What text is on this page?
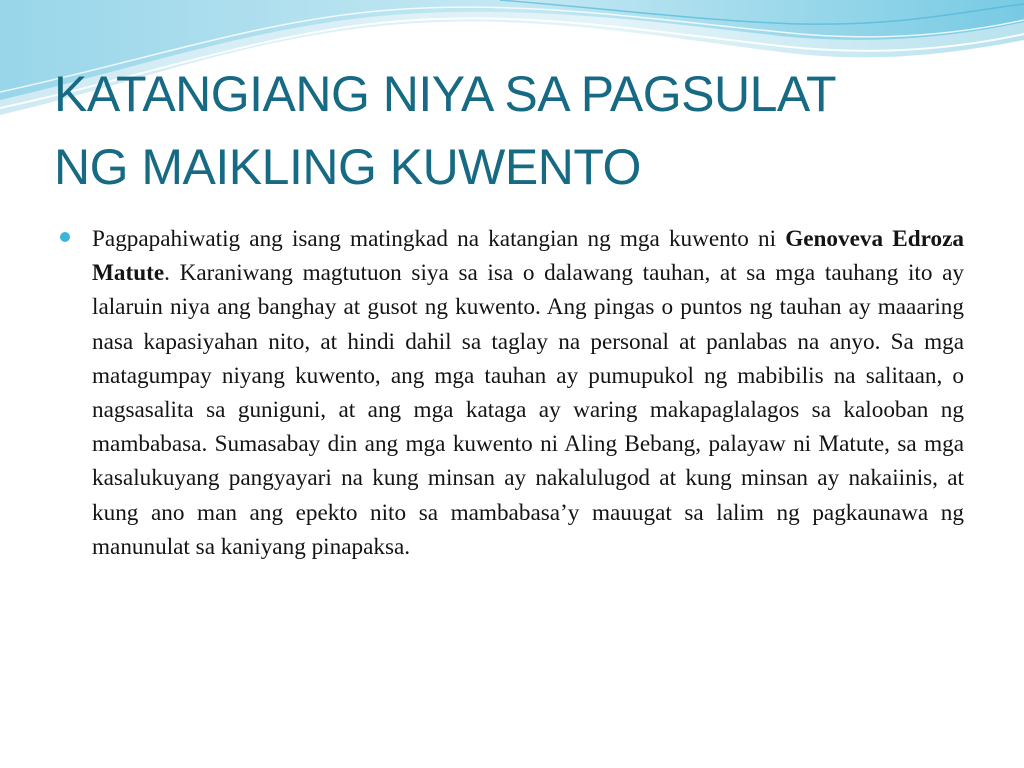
KATANGIANG NIYA SA PAGSULAT
NG MAIKLING KUWENTO

Pagpapahiwatig ang isang matingkad na katangian ng mga kuwento ni Genoveva Edroza Matute. Karaniwang magtutuon siya sa isa o dalawang tauhan, at sa mga tauhang ito ay lalaruin niya ang banghay at gusot ng kuwento. Ang pingas o puntos ng tauhan ay maaaring nasa kapasiyahan nito, at hindi dahil sa taglay na personal at panlabas na anyo. Sa mga matagumpay niyang kuwento, ang mga tauhan ay pumupukol ng mabibilis na salitaan, o nagsasalita sa guniguni, at ang mga kataga ay waring makapaglalagos sa kalooban ng mambabasa. Sumasabay din ang mga kuwento ni Aling Bebang, palayaw ni Matute, sa mga kasalukuyang pangyayari na kung minsan ay nakalulugod at kung minsan ay nakaiinis, at kung ano man ang epekto nito sa mambabasa’y mauugat sa lalim ng pagkaunawa ng manunulat sa kaniyang pinapaksa.
